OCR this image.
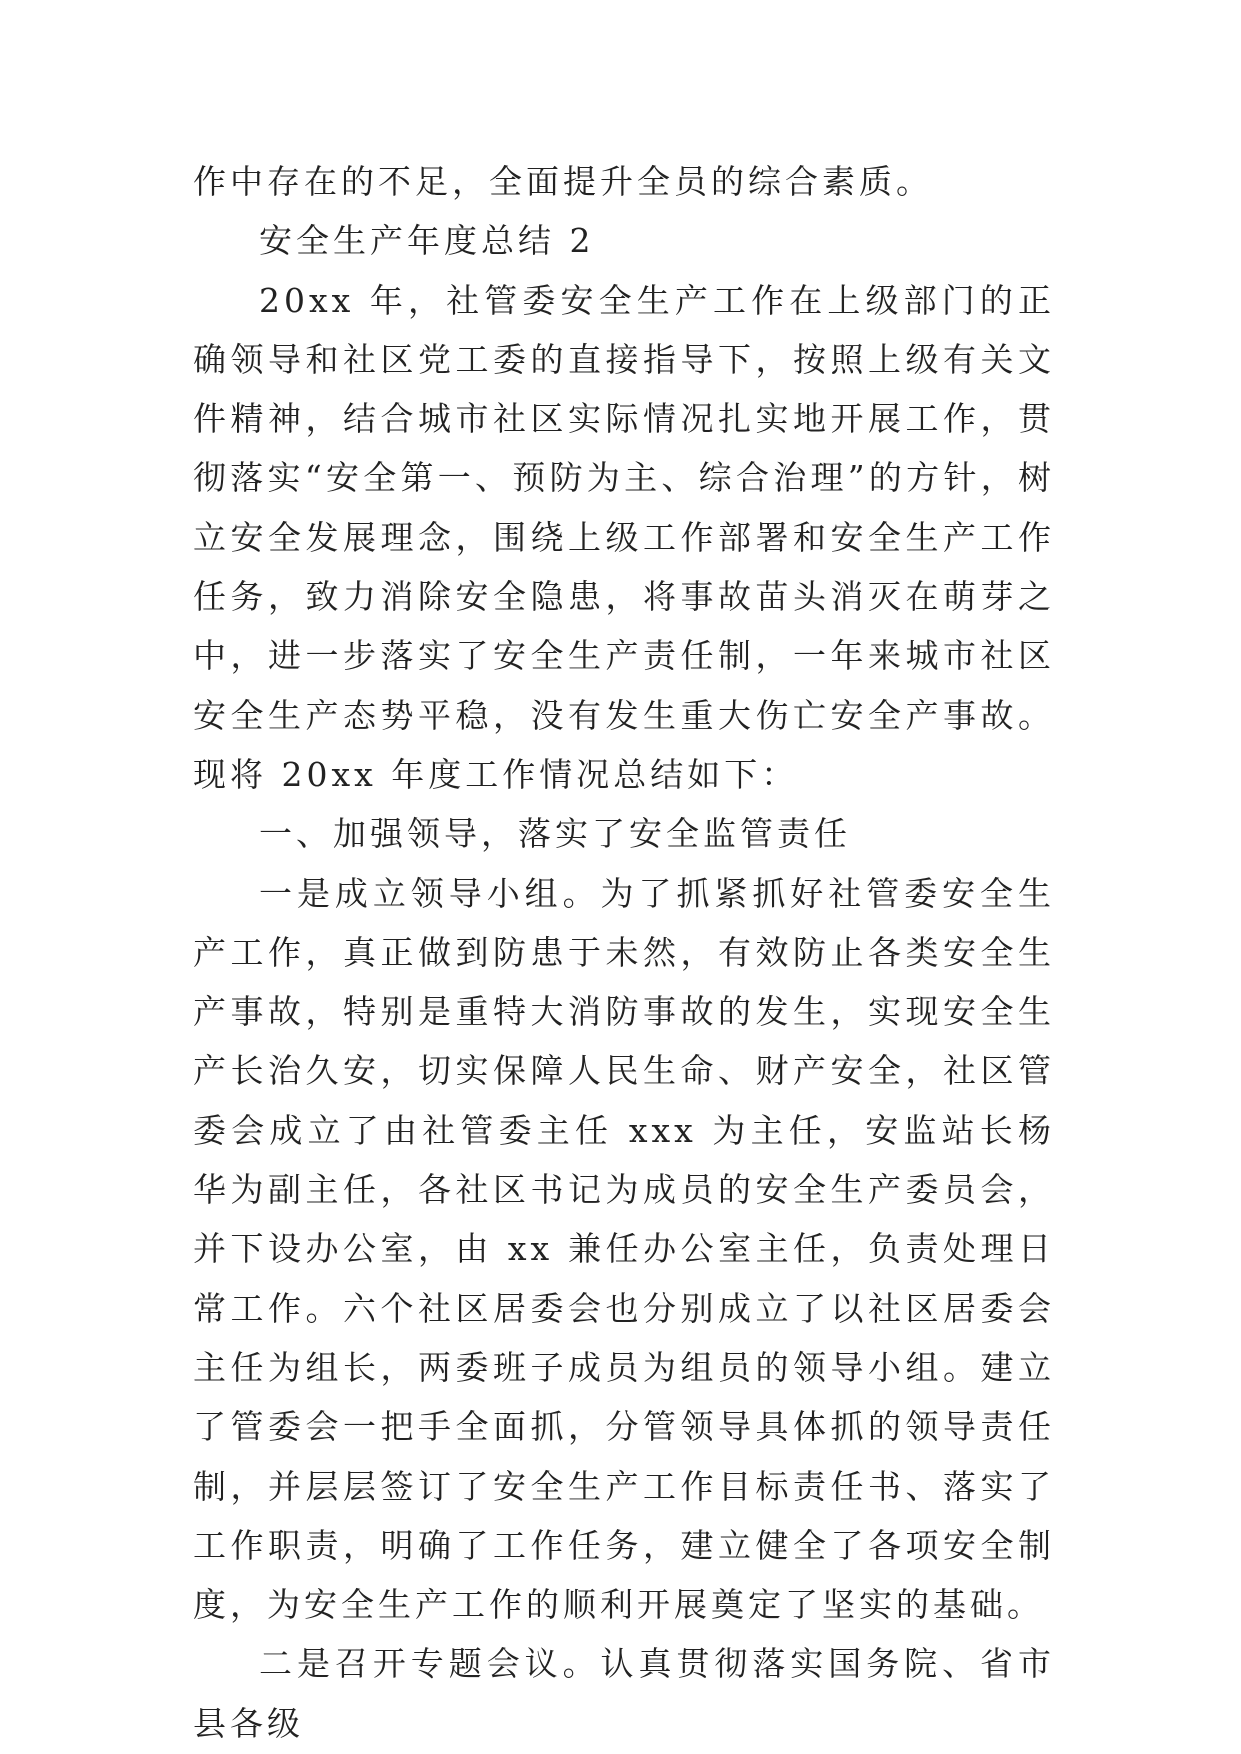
作中存在的不足，全面提升全员的综合素质。

安全生产年度总结 2

20xx 年，社管委安全生产工作在上级部门的正确领导和社区党工委的直接指导下，按照上级有关文件精神，结合城市社区实际情况扎实地开展工作，贯彻落实“安全第一、预防为主、综合治理”的方针，树立安全发展理念，围绕上级工作部署和安全生产工作任务，致力消除安全隐患，将事故苗头消灭在萌芽之中，进一步落实了安全生产责任制，一年来城市社区安全生产态势平稳，没有发生重大伤亡安全产事故。现将 20xx 年度工作情况总结如下：

一、加强领导，落实了安全监管责任

一是成立领导小组。为了抓紧抓好社管委安全生产工作，真正做到防患于未然，有效防止各类安全生产事故，特别是重特大消防事故的发生，实现安全生产长治久安，切实保障人民生命、财产安全，社区管委会成立了由社管委主任 xxx 为主任，安监站长杨华为副主任，各社区书记为成员的安全生产委员会，并下设办公室，由 xx 兼任办公室主任，负责处理日常工作。六个社区居委会也分别成立了以社区居委会主任为组长，两委班子成员为组员的领导小组。建立了管委会一把手全面抓，分管领导具体抓的领导责任制，并层层签订了安全生产工作目标责任书、落实了工作职责，明确了工作任务，建立健全了各项安全制度，为安全生产工作的顺利开展奠定了坚实的基础。

二是召开专题会议。认真贯彻落实国务院、省市县各级
